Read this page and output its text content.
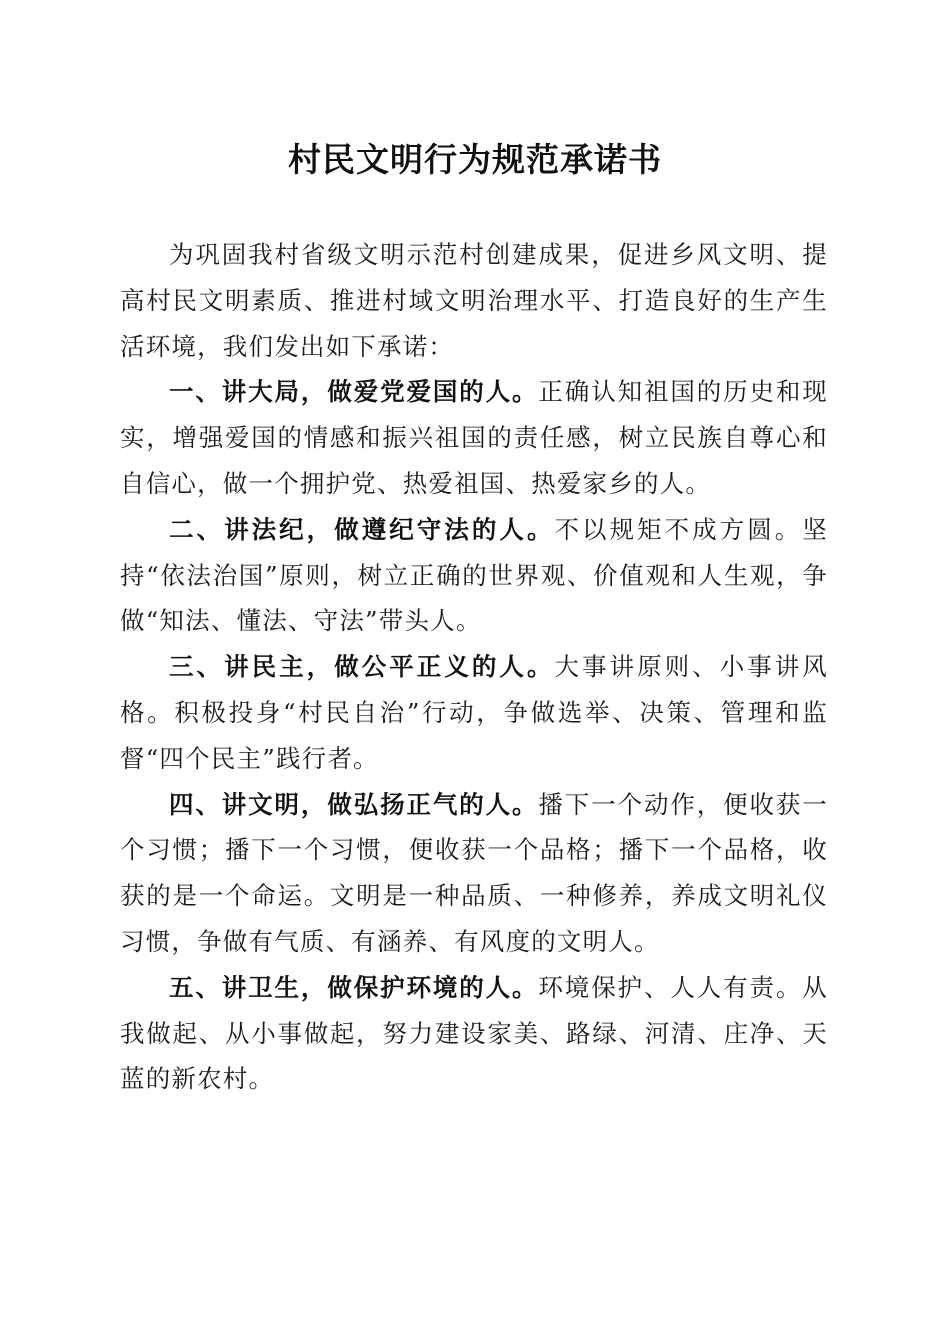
村民文明行为规范承诺书

为巩固我村省级文明示范村创建成果，促进乡风文明、提高村民文明素质、推进村域文明治理水平、打造良好的生产生活环境，我们发出如下承诺：

一、讲大局，做爱党爱国的人。正确认知祖国的历史和现实，增强爱国的情感和振兴祖国的责任感，树立民族自尊心和自信心，做一个拥护党、热爱祖国、热爱家乡的人。

二、讲法纪，做遵纪守法的人。不以规矩不成方圆。坚持“依法治国”原则，树立正确的世界观、价值观和人生观，争做“知法、懂法、守法”带头人。

三、讲民主，做公平正义的人。大事讲原则、小事讲风格。积极投身“村民自治”行动，争做选举、决策、管理和监督“四个民主”践行者。

四、讲文明，做弘扬正气的人。播下一个动作，便收获一个习惯；播下一个习惯，便收获一个品格；播下一个品格，收获的是一个命运。文明是一种品质、一种修养，养成文明礼仪习惯，争做有气质、有涵养、有风度的文明人。

五、讲卫生，做保护环境的人。环境保护、人人有责。从我做起、从小事做起，努力建设家美、路绿、河清、庄净、天蓝的新农村。
